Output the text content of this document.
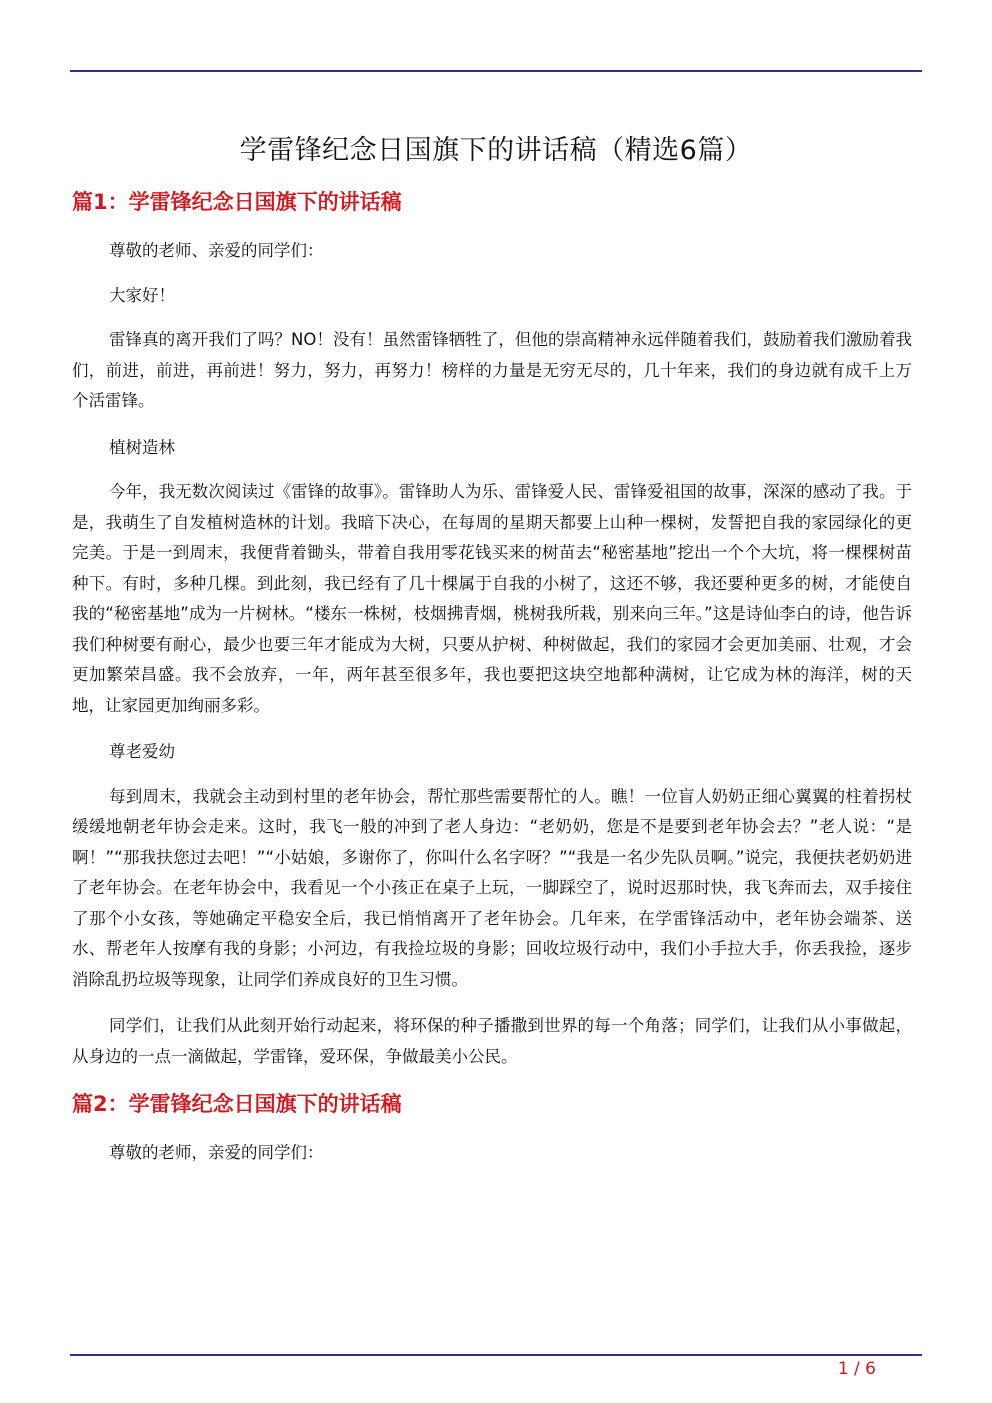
学雷锋纪念日国旗下的讲话稿（精选6篇）
篇1：学雷锋纪念日国旗下的讲话稿

尊敬的老师、亲爱的同学们：

大家好！

雷锋真的离开我们了吗？NO！没有！虽然雷锋牺牲了，但他的崇高精神永远伴随着我们，鼓励着我们激励着我们，前进，前进，再前进！努力，努力，再努力！榜样的力量是无穷无尽的，几十年来，我们的身边就有成千上万个活雷锋。

植树造林

今年，我无数次阅读过《雷锋的故事》。雷锋助人为乐、雷锋爱人民、雷锋爱祖国的故事，深深的感动了我。于是，我萌生了自发植树造林的计划。我暗下决心，在每周的星期天都要上山种一棵树，发誓把自我的家园绿化的更完美。于是一到周末，我便背着锄头，带着自我用零花钱买来的树苗去“秘密基地”挖出一个个大坑，将一棵棵树苗种下。有时，多种几棵。到此刻，我已经有了几十棵属于自我的小树了，这还不够，我还要种更多的树，才能使自我的“秘密基地”成为一片树林。“楼东一株树，枝烟拂青烟，桃树我所栽，别来向三年。”这是诗仙李白的诗，他告诉我们种树要有耐心，最少也要三年才能成为大树，只要从护树、种树做起，我们的家园才会更加美丽、壮观，才会更加繁荣昌盛。我不会放弃，一年，两年甚至很多年，我也要把这块空地都种满树，让它成为林的海洋，树的天地，让家园更加绚丽多彩。

尊老爱幼

每到周末，我就会主动到村里的老年协会，帮忙那些需要帮忙的人。瞧！一位盲人奶奶正细心翼翼的柱着拐杖缓缓地朝老年协会走来。这时，我飞一般的冲到了老人身边：“老奶奶，您是不是要到老年协会去？”老人说：“是啊！”“那我扶您过去吧！”“小姑娘，多谢你了，你叫什么名字呀？”“我是一名少先队员啊。”说完，我便扶老奶奶进了老年协会。在老年协会中，我看见一个小孩正在桌子上玩，一脚踩空了，说时迟那时快，我飞奔而去，双手接住了那个小女孩，等她确定平稳安全后，我已悄悄离开了老年协会。几年来，在学雷锋活动中，老年协会端茶、送水、帮老年人按摩有我的身影；小河边，有我捡垃圾的身影；回收垃圾行动中，我们小手拉大手，你丢我捡，逐步消除乱扔垃圾等现象，让同学们养成良好的卫生习惯。

同学们，让我们从此刻开始行动起来，将环保的种子播撒到世界的每一个角落；同学们，让我们从小事做起，从身边的一点一滴做起，学雷锋，爱环保，争做最美小公民。

篇2：学雷锋纪念日国旗下的讲话稿

尊敬的老师，亲爱的同学们：

1 / 6
